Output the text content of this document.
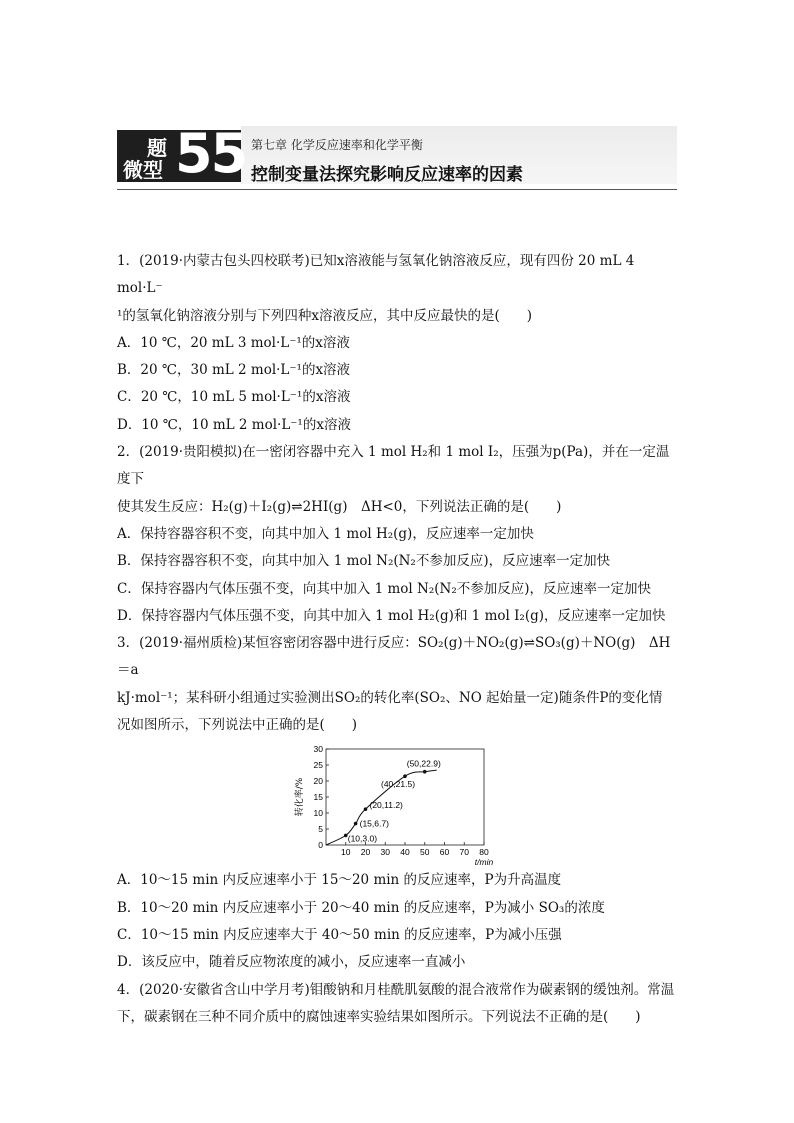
题
微型 55 第七章 化学反应速率和化学平衡
控制变量法探究影响反应速率的因素

1．(2019·内蒙古包头四校联考)已知x溶液能与氢氧化钠溶液反应，现有四份 20 mL 4 mol·L⁻

¹的氢氧化钠溶液分别与下列四种x溶液反应，其中反应最快的是(　　)

A．10 ℃，20 mL 3 mol·L⁻¹的x溶液

B．20 ℃，30 mL 2 mol·L⁻¹的x溶液

C．20 ℃，10 mL 5 mol·L⁻¹的x溶液

D．10 ℃，10 mL 2 mol·L⁻¹的x溶液

2．(2019·贵阳模拟)在一密闭容器中充入 1 mol H₂和 1 mol I₂，压强为p(Pa)，并在一定温度下

使其发生反应：H₂(g)＋I₂(g)⇌2HI(g)　ΔH<0，下列说法正确的是(　　)

A．保持容器容积不变，向其中加入 1 mol H₂(g)，反应速率一定加快

B．保持容器容积不变，向其中加入 1 mol N₂(N₂不参加反应)，反应速率一定加快

C．保持容器内气体压强不变，向其中加入 1 mol N₂(N₂不参加反应)，反应速率一定加快

D．保持容器内气体压强不变，向其中加入 1 mol H₂(g)和 1 mol I₂(g)，反应速率一定加快

3．(2019·福州质检)某恒容密闭容器中进行反应：SO₂(g)＋NO₂(g)⇌SO₃(g)＋NO(g)　ΔH＝a

kJ·mol⁻¹；某科研小组通过实验测出SO₂的转化率(SO₂、NO 起始量一定)随条件P的变化情

况如图所示，下列说法中正确的是(　　)

0
5
10
15
20
25
30
10 20 30 40 50 60 70 80
t/min
转化率/%
(10,3.0)
(15,6.7)
(20,11.2)
(40,21.5)
(50,22.9)

A．10～15 min 内反应速率小于 15～20 min 的反应速率，P为升高温度

B．10～20 min 内反应速率小于 20～40 min 的反应速率，P为减小 SO₃的浓度

C．10～15 min 内反应速率大于 40～50 min 的反应速率，P为减小压强

D．该反应中，随着反应物浓度的减小，反应速率一直减小

4．(2020·安徽省含山中学月考)钼酸钠和月桂酰肌氨酸的混合液常作为碳素钢的缓蚀剂。常温

下，碳素钢在三种不同介质中的腐蚀速率实验结果如图所示。下列说法不正确的是(　　)
